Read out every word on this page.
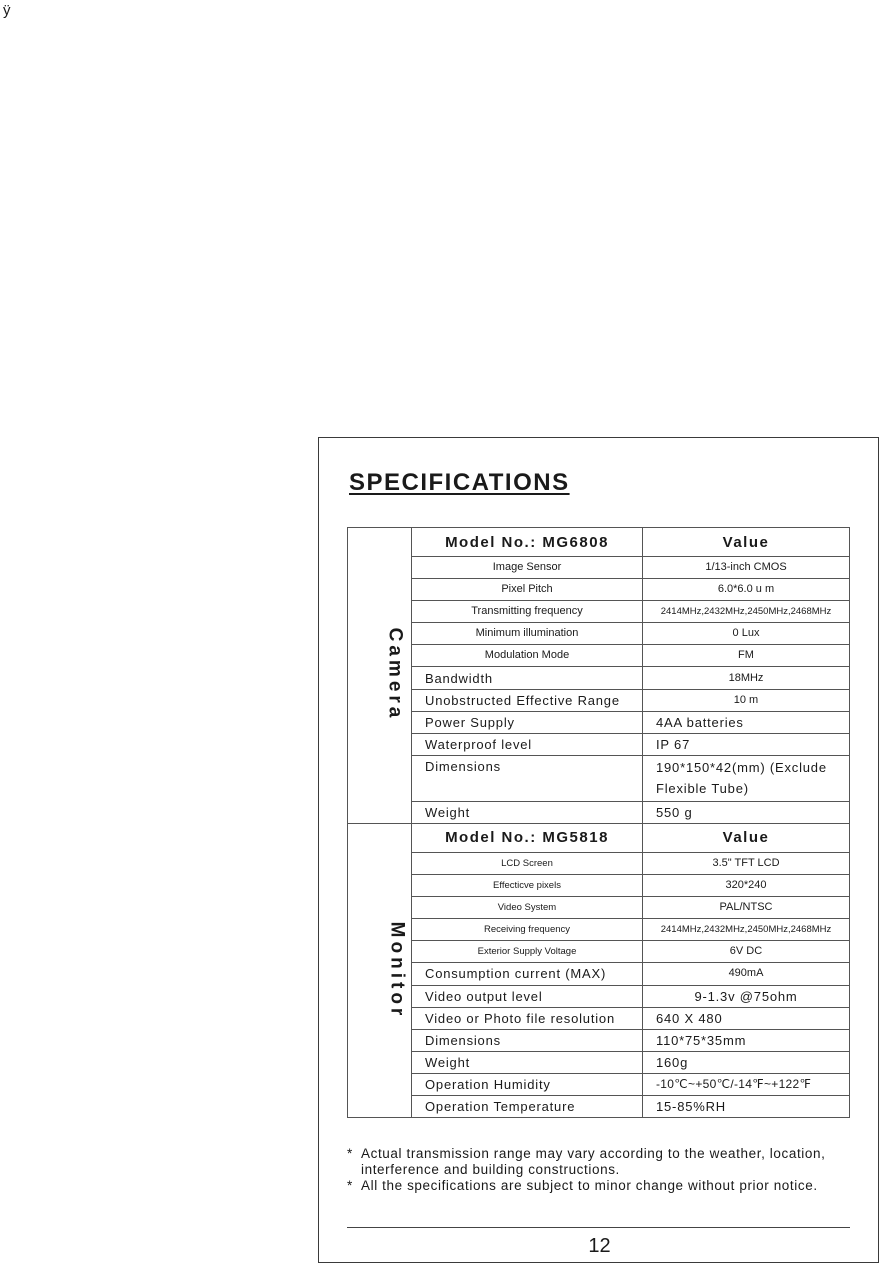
ÿ
SPECIFICATIONS
Camera	Model No.: MG6808	Value
	Image Sensor	1/13-inch CMOS
	Pixel Pitch	6.0*6.0 u m
	Transmitting frequency	2414MHz,2432MHz,2450MHz,2468MHz
	Minimum illumination	0 Lux
	Modulation Mode	FM
	Bandwidth	18MHz
	Unobstructed Effective Range	10 m
	Power Supply	4AA batteries
	Waterproof level	IP 67
	Dimensions	190*150*42(mm) (Exclude Flexible Tube)
	Weight	550 g
Monitor	Model No.: MG5818	Value
	LCD Screen	3.5" TFT LCD
	Effecticve pixels	320*240
	Video System	PAL/NTSC
	Receiving frequency	2414MHz,2432MHz,2450MHz,2468MHz
	Exterior Supply Voltage	6V DC
	Consumption current (MAX)	490mA
	Video output level	9-1.3v @75ohm
	Video or Photo file resolution	640 X 480
	Dimensions	110*75*35mm
	Weight	160g
	Operation Humidity	-10℃~+50℃/-14℉~+122℉
	Operation Temperature	15-85%RH
* Actual transmission range may vary according to the weather, location, interference and building constructions.
* All the specifications are subject to minor change without prior notice.
12
